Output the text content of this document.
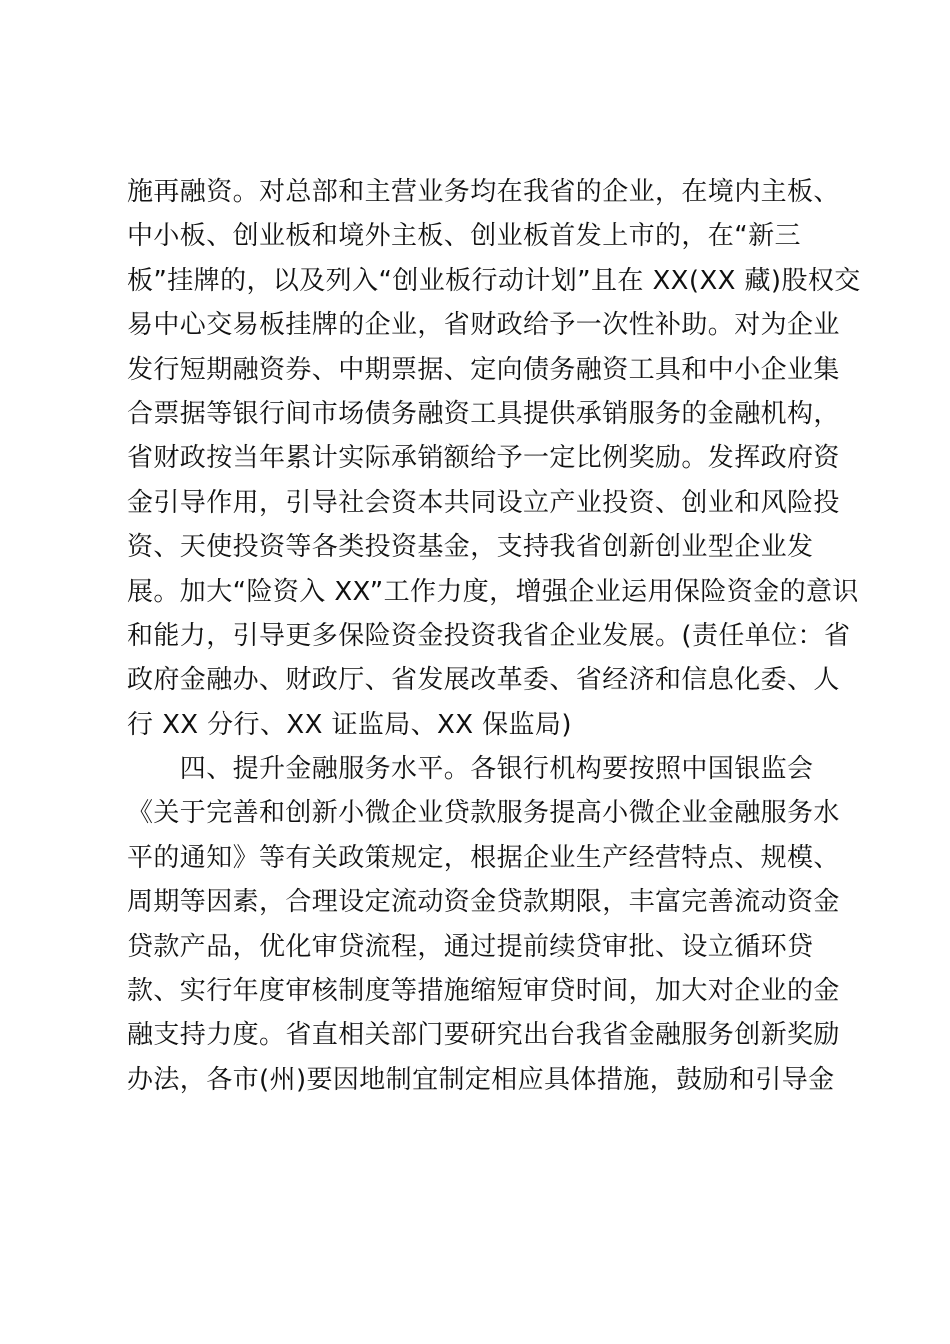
施再融资。对总部和主营业务均在我省的企业，在境内主板、
中小板、创业板和境外主板、创业板首发上市的，在“新三
板”挂牌的，以及列入“创业板行动计划”且在 XX(XX 藏)股权交
易中心交易板挂牌的企业，省财政给予一次性补助。对为企业
发行短期融资券、中期票据、定向债务融资工具和中小企业集
合票据等银行间市场债务融资工具提供承销服务的金融机构，
省财政按当年累计实际承销额给予一定比例奖励。发挥政府资
金引导作用，引导社会资本共同设立产业投资、创业和风险投
资、天使投资等各类投资基金，支持我省创新创业型企业发
展。加大“险资入 XX”工作力度，增强企业运用保险资金的意识
和能力，引导更多保险资金投资我省企业发展。(责任单位：省
政府金融办、财政厅、省发展改革委、省经济和信息化委、人
行 XX 分行、XX 证监局、XX 保监局)
　　四、提升金融服务水平。各银行机构要按照中国银监会
《关于完善和创新小微企业贷款服务提高小微企业金融服务水
平的通知》等有关政策规定，根据企业生产经营特点、规模、
周期等因素，合理设定流动资金贷款期限，丰富完善流动资金
贷款产品，优化审贷流程，通过提前续贷审批、设立循环贷
款、实行年度审核制度等措施缩短审贷时间，加大对企业的金
融支持力度。省直相关部门要研究出台我省金融服务创新奖励
办法，各市(州)要因地制宜制定相应具体措施，鼓励和引导金
